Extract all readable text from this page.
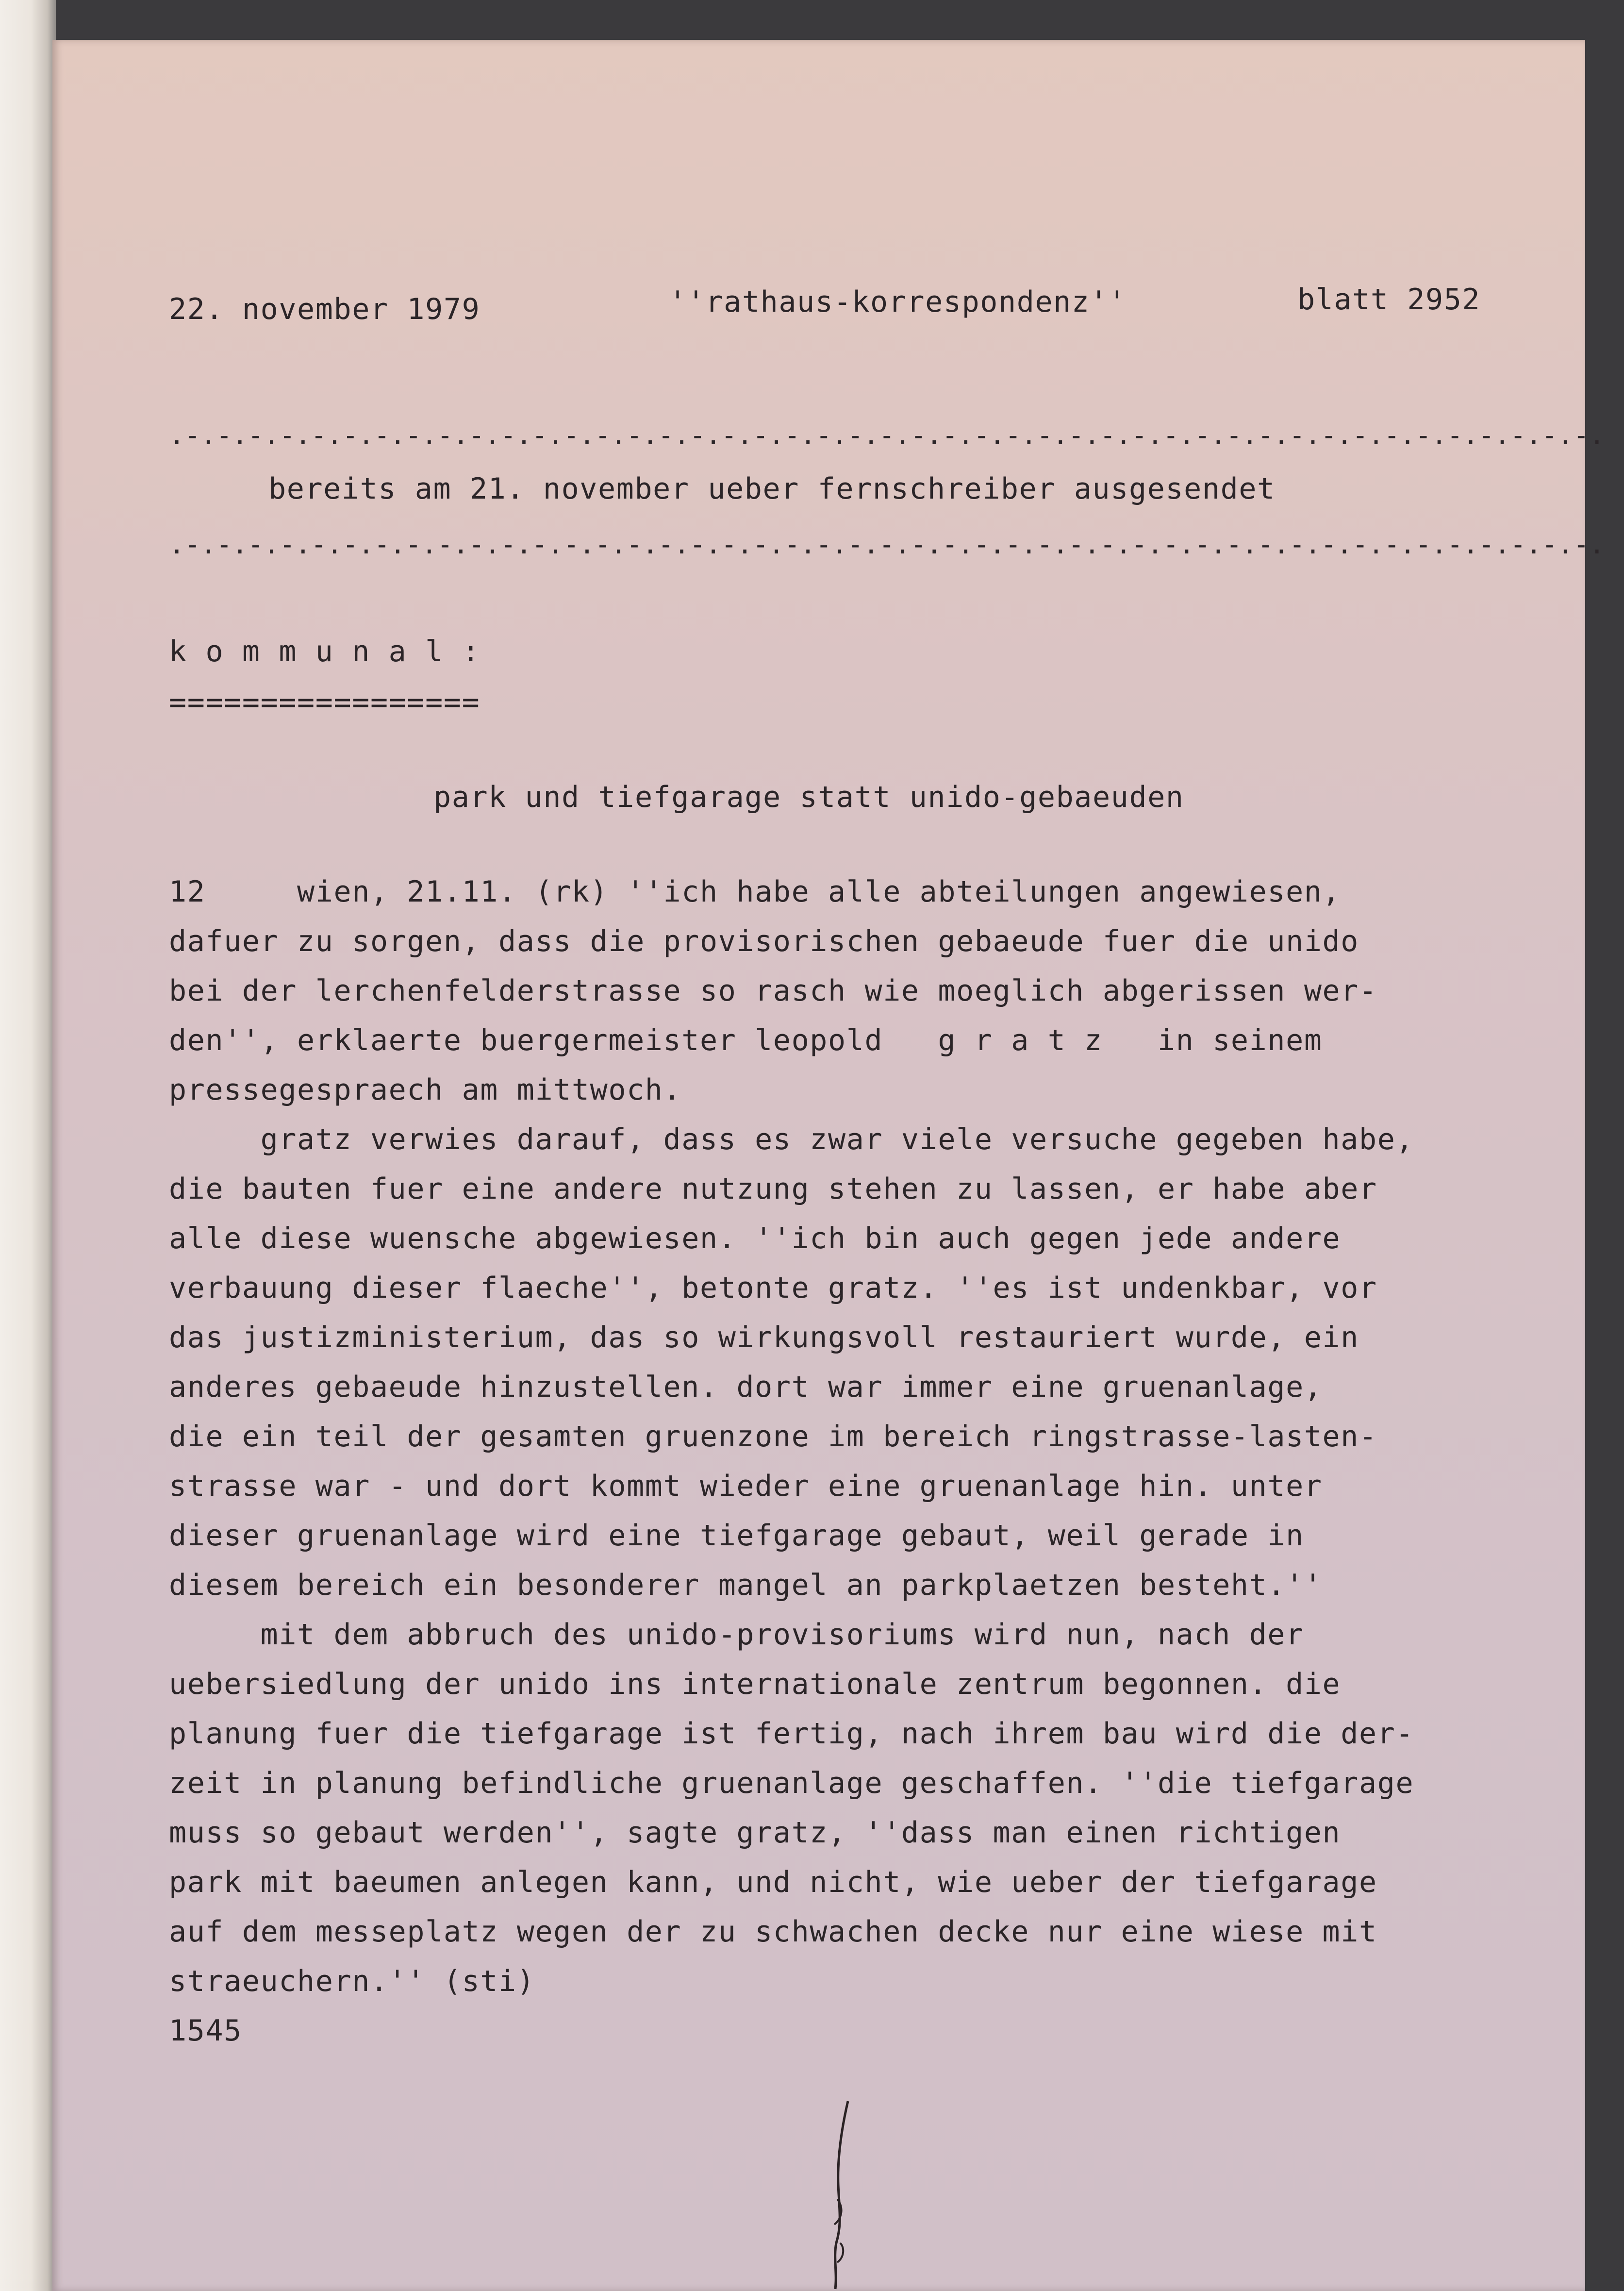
22. november 1979	''rathaus-korrespondenz''	blatt 2952
.-.-.-.-.-.-.-.-.-.-.-.-.-.-.-.-.-.-.-.-.-.-.-.-.-.-.-.-.-.-.-.-.-.-.-.-.-.-.-.-.-.-.-.-.-.
bereits am 21. november ueber fernschreiber ausgesendet
.-.-.-.-.-.-.-.-.-.-.-.-.-.-.-.-.-.-.-.-.-.-.-.-.-.-.-.-.-.-.-.-.-.-.-.-.-.-.-.-.-.-.-.-.-.
k o m m u n a l :
=================
park und tiefgarage statt unido-gebaeuden
12     wien, 21.11. (rk) ''ich habe alle abteilungen angewiesen,
dafuer zu sorgen, dass die provisorischen gebaeude fuer die unido
bei der lerchenfelderstrasse so rasch wie moeglich abgerissen wer-
den'', erklaerte buergermeister leopold   g r a t z   in seinem
pressegespraech am mittwoch.
gratz verwies darauf, dass es zwar viele versuche gegeben habe,
die bauten fuer eine andere nutzung stehen zu lassen, er habe aber
alle diese wuensche abgewiesen. ''ich bin auch gegen jede andere
verbauung dieser flaeche'', betonte gratz. ''es ist undenkbar, vor
das justizministerium, das so wirkungsvoll restauriert wurde, ein
anderes gebaeude hinzustellen. dort war immer eine gruenanlage,
die ein teil der gesamten gruenzone im bereich ringstrasse-lasten-
strasse war - und dort kommt wieder eine gruenanlage hin. unter
dieser gruenanlage wird eine tiefgarage gebaut, weil gerade in
diesem bereich ein besonderer mangel an parkplaetzen besteht.''
mit dem abbruch des unido-provisoriums wird nun, nach der
uebersiedlung der unido ins internationale zentrum begonnen. die
planung fuer die tiefgarage ist fertig, nach ihrem bau wird die der-
zeit in planung befindliche gruenanlage geschaffen. ''die tiefgarage
muss so gebaut werden'', sagte gratz, ''dass man einen richtigen
park mit baeumen anlegen kann, und nicht, wie ueber der tiefgarage
auf dem messeplatz wegen der zu schwachen decke nur eine wiese mit
straeuchern.'' (sti)
1545
